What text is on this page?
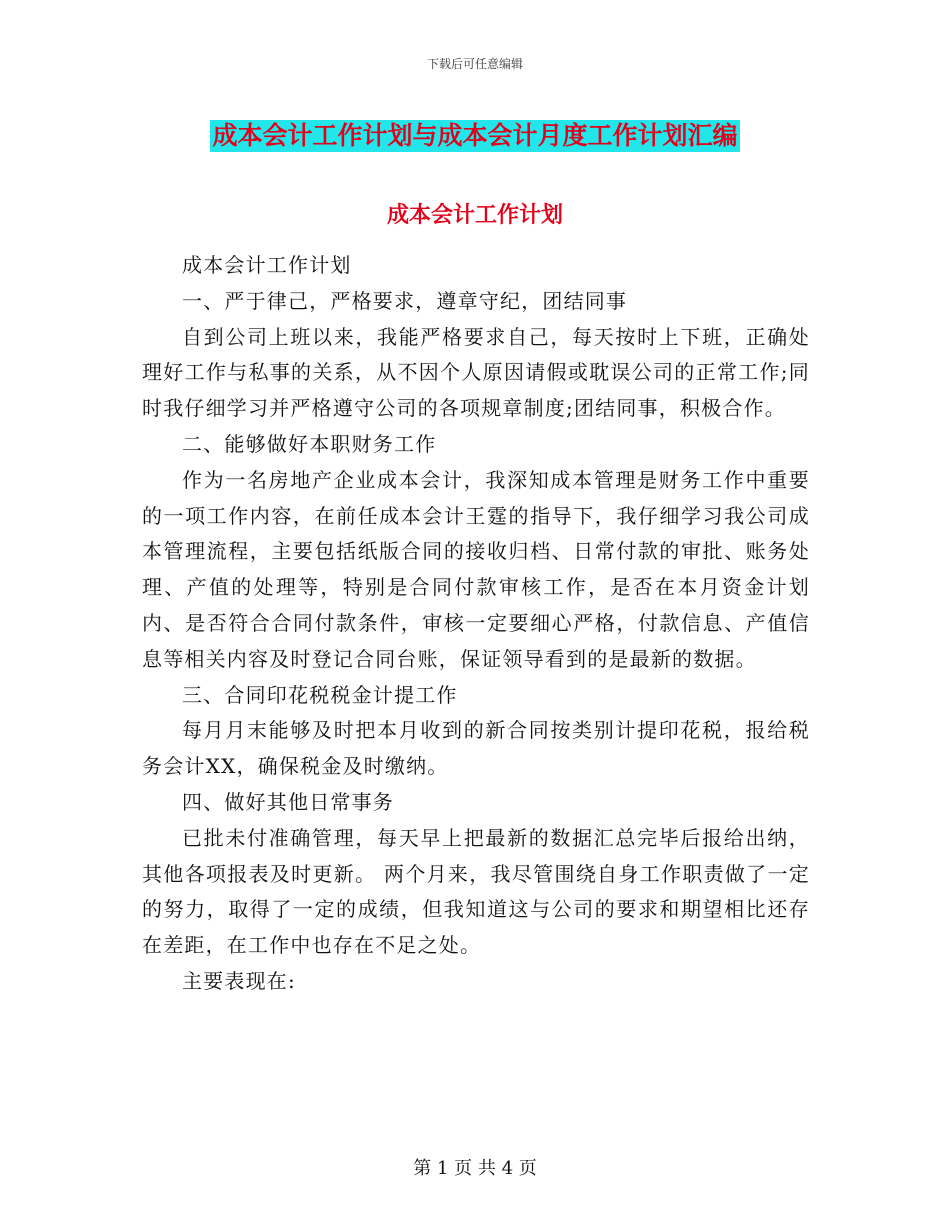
下载后可任意编辑
成本会计工作计划与成本会计月度工作计划汇编
成本会计工作计划

成本会计工作计划

一、严于律己，严格要求，遵章守纪，团结同事

自到公司上班以来，我能严格要求自己，每天按时上下班，正确处理好工作与私事的关系，从不因个人原因请假或耽误公司的正常工作;同时我仔细学习并严格遵守公司的各项规章制度;团结同事，积极合作。

二、能够做好本职财务工作

作为一名房地产企业成本会计，我深知成本管理是财务工作中重要的一项工作内容，在前任成本会计王霆的指导下，我仔细学习我公司成本管理流程，主要包括纸版合同的接收归档、日常付款的审批、账务处理、产值的处理等，特别是合同付款审核工作，是否在本月资金计划内、是否符合合同付款条件，审核一定要细心严格，付款信息、产值信息等相关内容及时登记合同台账，保证领导看到的是最新的数据。

三、合同印花税税金计提工作

每月月末能够及时把本月收到的新合同按类别计提印花税，报给税务会计XX，确保税金及时缴纳。

四、做好其他日常事务

已批未付准确管理，每天早上把最新的数据汇总完毕后报给出纳，其他各项报表及时更新。 两个月来，我尽管围绕自身工作职责做了一定的努力，取得了一定的成绩，但我知道这与公司的要求和期望相比还存在差距，在工作中也存在不足之处。

主要表现在:

第 1 页 共 4 页
